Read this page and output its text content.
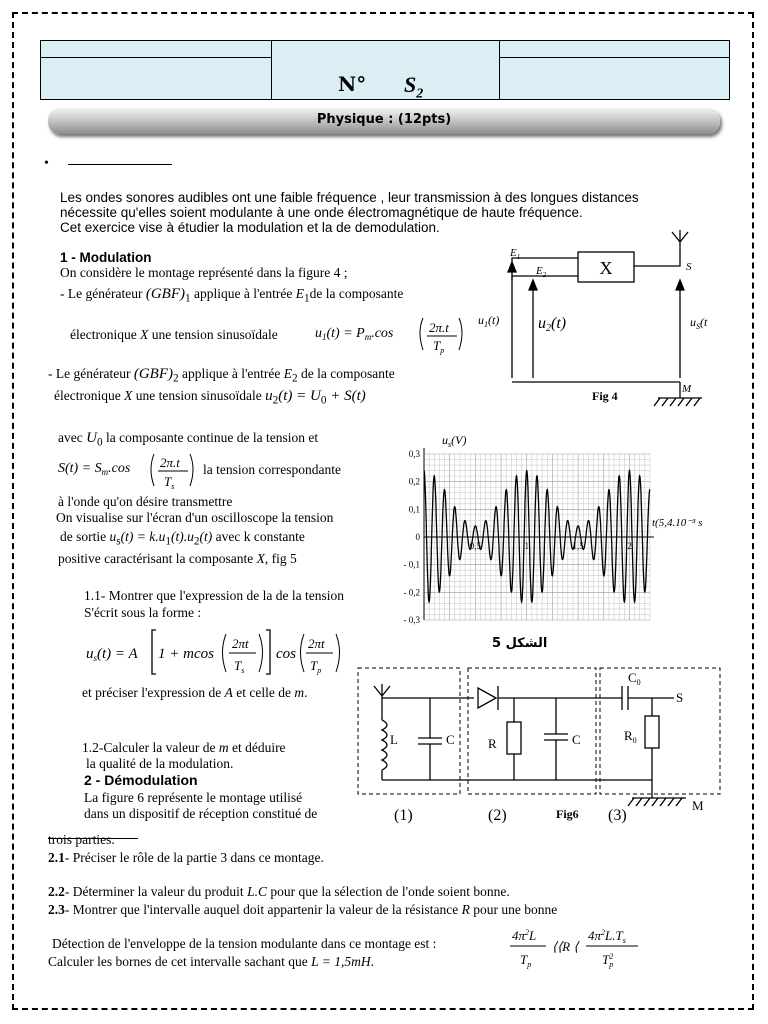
N° $S_2$
Physique : (12pts)
•
Les ondes sonores audibles ont une faible fréquence , leur transmission à des longues distances
nécessite qu'elles soient modulante à une onde électromagnétique de haute fréquence.
Cet exercice vise à étudier la modulation et la de demodulation.
1 - Modulation
On considère le montage représenté dans la figure 4 ;
- Le générateur $(GBF)_1$ applique à l'entrée $E_1de$ la composante
électronique X une tension sinusoïdale	$u_1(t) = P_m.\cos$	2π.t
$T_p$
- Le générateur $(GBF)_2$ applique à l'entrée $E_2$ de la composante
électronique X une tension sinusoïdale $u_2(t) = U_0 + S(t)$
avec $U_0$ la composante continue de la tension et
$S(t) = S_m.\cos$ 2π.t
$T_s$
la tension correspondante
à l'onde qu'on désire transmettre
On visualise sur l'écran d'un oscilloscope la tension
de sortie $u_s(t) = k.u_1(t).u_2(t)$ avec k constante
positive caractérisant la composante X, fig 5
1.1- Montrer que l'expression de la de la tension
S'écrit sous la forme :
$u_s(t) = A$ 1 + mcos
2πt
$T_s$
cos
2πt
$T_p$
et préciser l'expression de A et celle de m.
1.2-Calculer la valeur de m et déduire
la qualité de la modulation.
2 - Démodulation
La figure 6 représente le montage utilisé
dans un dispositif de réception constitué de
trois parties.
2.1- Préciser le rôle de la partie 3 dans ce montage.
2.2- Déterminer la valeur du produit L.C pour que la sélection de l'onde soient bonne.
2.3- Montrer que l'intervalle auquel doit appartenir la valeur de la résistance R pour une bonne
Détection de l'enveloppe de la tension modulante dans ce montage est :
$4\pi^2L$
$T_p$
⟨⟨R ⟨
$4\pi^2L.T_s$
$T^2$ p
Calculer les bornes de cet intervalle sachant que L = 1,5mH.
X
$E_1$
$E_2$
S
$u_1(t)$ u2(t)	$u_S(t$
M
Fig 4
0,3
0,2
0,1
0
- 0,1
- 0,2
- 0,3
0,5	1	1,5	2
$u_s(V)$
t(5,4.10⁻³ s
الشكل 5
L	C	R	C
$C_0$
$R_0$
S
M
(1)	(2)	Fig6 (3)
